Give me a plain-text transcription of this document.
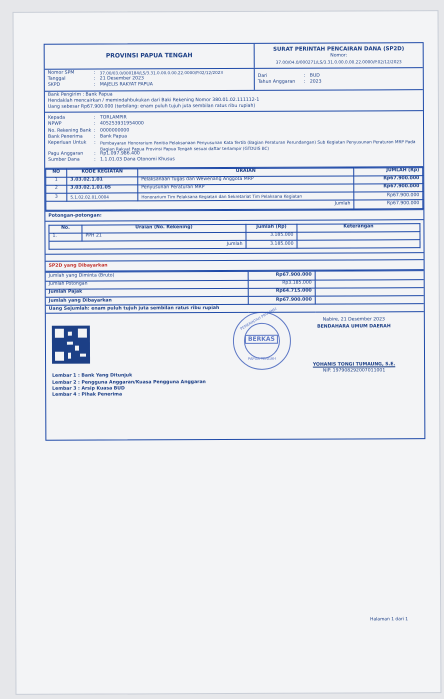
PROVINSI PAPUA TENGAH
SURAT PERINTAH PENCAIRAN DANA (SP2D)
Nomor:
37.00/04.0/000271/LS/3.31.0.00.0.00.22.0000/P.02/12/2023
Nomor SPM	:	37.00/03.0/000184/LS/3.31.0.00.0.00.22.0000/P.02/12/2023
Tanggal	: 21 Desember 2023
SKPD	: MAJELIS RAKYAT PAPUA
Dari	: BUD
Tahun Anggaran	: 2023
Bank Pengirim : Bank Papua
Hendaklah mencairkan / memindahbukukan dari Baki Rekening Nomor 380.01.02.111112-1
Uang sebesar Rp67.900.000 (terbilang: enam puluh tujuh juta sembilan ratus ribu rupiah)
Kepada	: TORLAMPIR
NPWP	: 405253931954000
No. Rekening Bank : 0000000000
Bank Penerima	: Bank Papua
Keperluan Untuk	:	Pembayaran Honorarium Panitia Pelaksanaan Penyusunan Kata Tertib (Bagian Peraturan Perundangan) Sub Kegiatan Penyusunan Peraturan MRP Pada Bagian Rakyat Papua Provinsi Papua Tengah sesuai daftar terlampir (GTDUIS BC)
Pagu Anggaran	: Rp1.097.986.400
Sumber Dana	: 1.1.01.03 Dana Otonomi Khusus
NO	KODE KEGIATAN	URAIAN	JUMLAH (Rp)
1	3.03.02.1.01	Pelaksanaan Tugas dan Wewenang Anggota MRP	Rp67.900.000
2	3.03.02.1.01.05	Penyusunan Peraturan MRP	Rp67.900.000
3	5.1.02.02.01.0004	Honorarium Tim Pelaksana Kegiatan dan Sekretariat Tim Pelaksana Kegiatan	Rp67.900.000
Jumlah			Rp67.900.000
Potongan-potongan:
No.	Uraian (No. Rekening)	Jumlah (Rp)	Keterangan
1.	PPH 21	3.185.000	
Jumlah		3.185.000	
SP2D yang Dibayarkan
Jumlah yang Diminta (Bruto)	Rp67.900.000	
Jumlah Potongan	Rp3.185.000	
Jumlah Pajak	Rp64.715.000	
Jumlah yang Dibayarkan	Rp67.900.000	
Uang Sejumlah: enam puluh tujuh juta sembilan ratus ribu rupiah		
Lembar 1 : Bank Yang Ditunjuk
Lembar 2 : Pengguna Anggaran/Kuasa Pengguna Anggaran
Lembar 3 : Arsip Kuasa BUD
Lembar 4 : Pihak Penerima
Nabire, 21 Desember 2023
BENDAHARA UMUM DAERAH
YOHANIS TONGI TUMAUNG, S.E.
NIP. 197908292007011001
PEMERINTAH PROVINSI
BERKAS
PAPUA TENGAH
Halaman 1 dari 1
